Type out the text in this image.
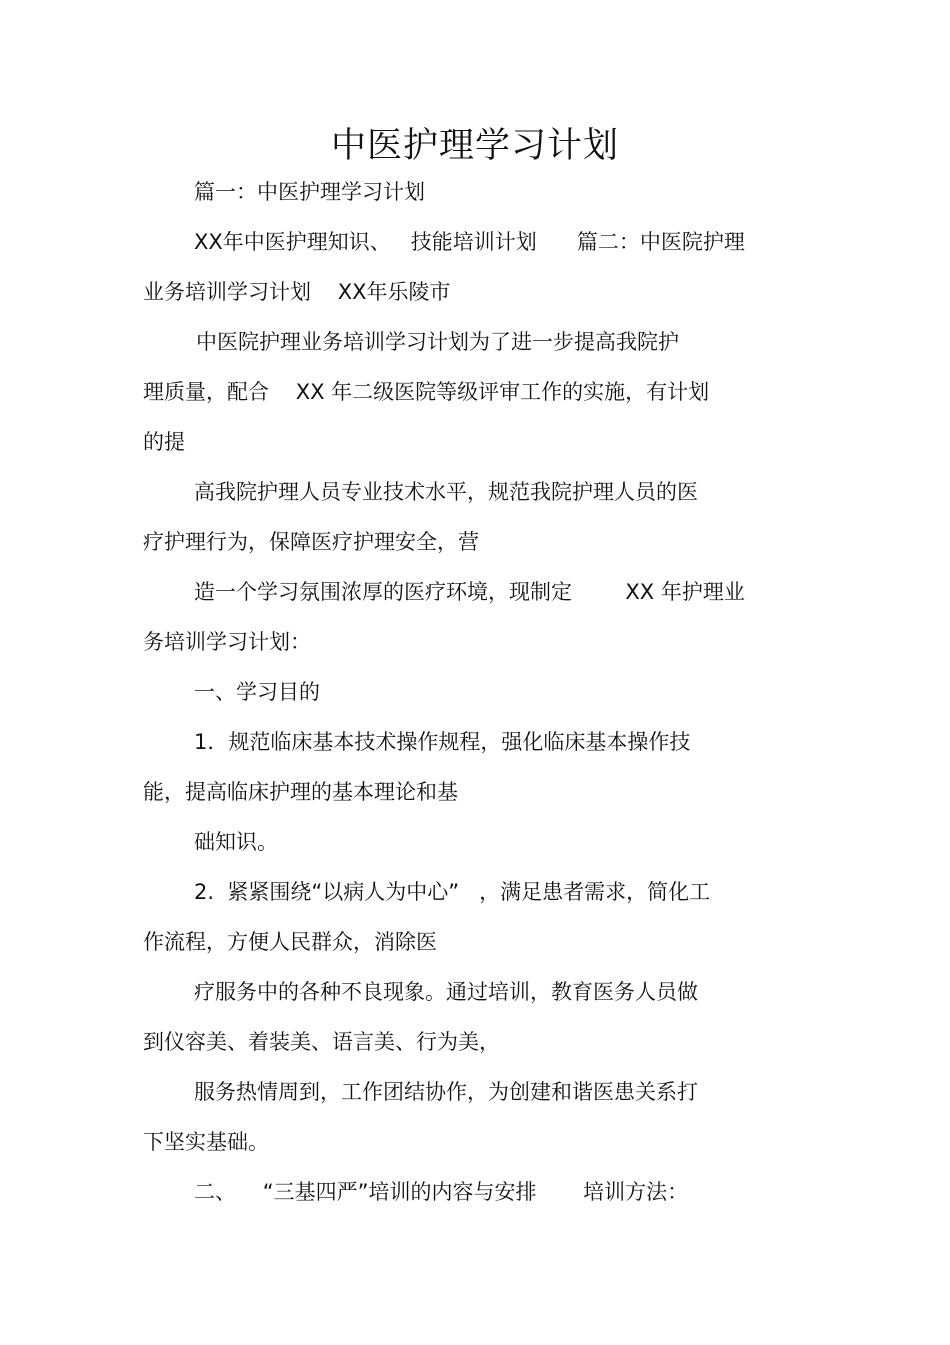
中医护理学习计划
篇一：中医护理学习计划
XX年中医护理知识、   技能培训计划      篇二：中医院护理
业务培训学习计划    XX年乐陵市
中医院护理业务培训学习计划为了进一步提高我院护
理质量，配合    XX 年二级医院等级评审工作的实施，有计划
的提
高我院护理人员专业技术水平，规范我院护理人员的医
疗护理行为，保障医疗护理安全，营
造一个学习氛围浓厚的医疗环境，现制定        XX 年护理业
务培训学习计划：
一、学习目的
1．规范临床基本技术操作规程，强化临床基本操作技
能，提高临床护理的基本理论和基
础知识。
2.  紧紧围绕“以病人为中心”   ，满足患者需求，简化工
作流程，方便人民群众，消除医
疗服务中的各种不良现象。通过培训，教育医务人员做
到仪容美、着装美、语言美、行为美，
服务热情周到，工作团结协作，为创建和谐医患关系打
下坚实基础。
二、    “三基四严”培训的内容与安排       培训方法：
